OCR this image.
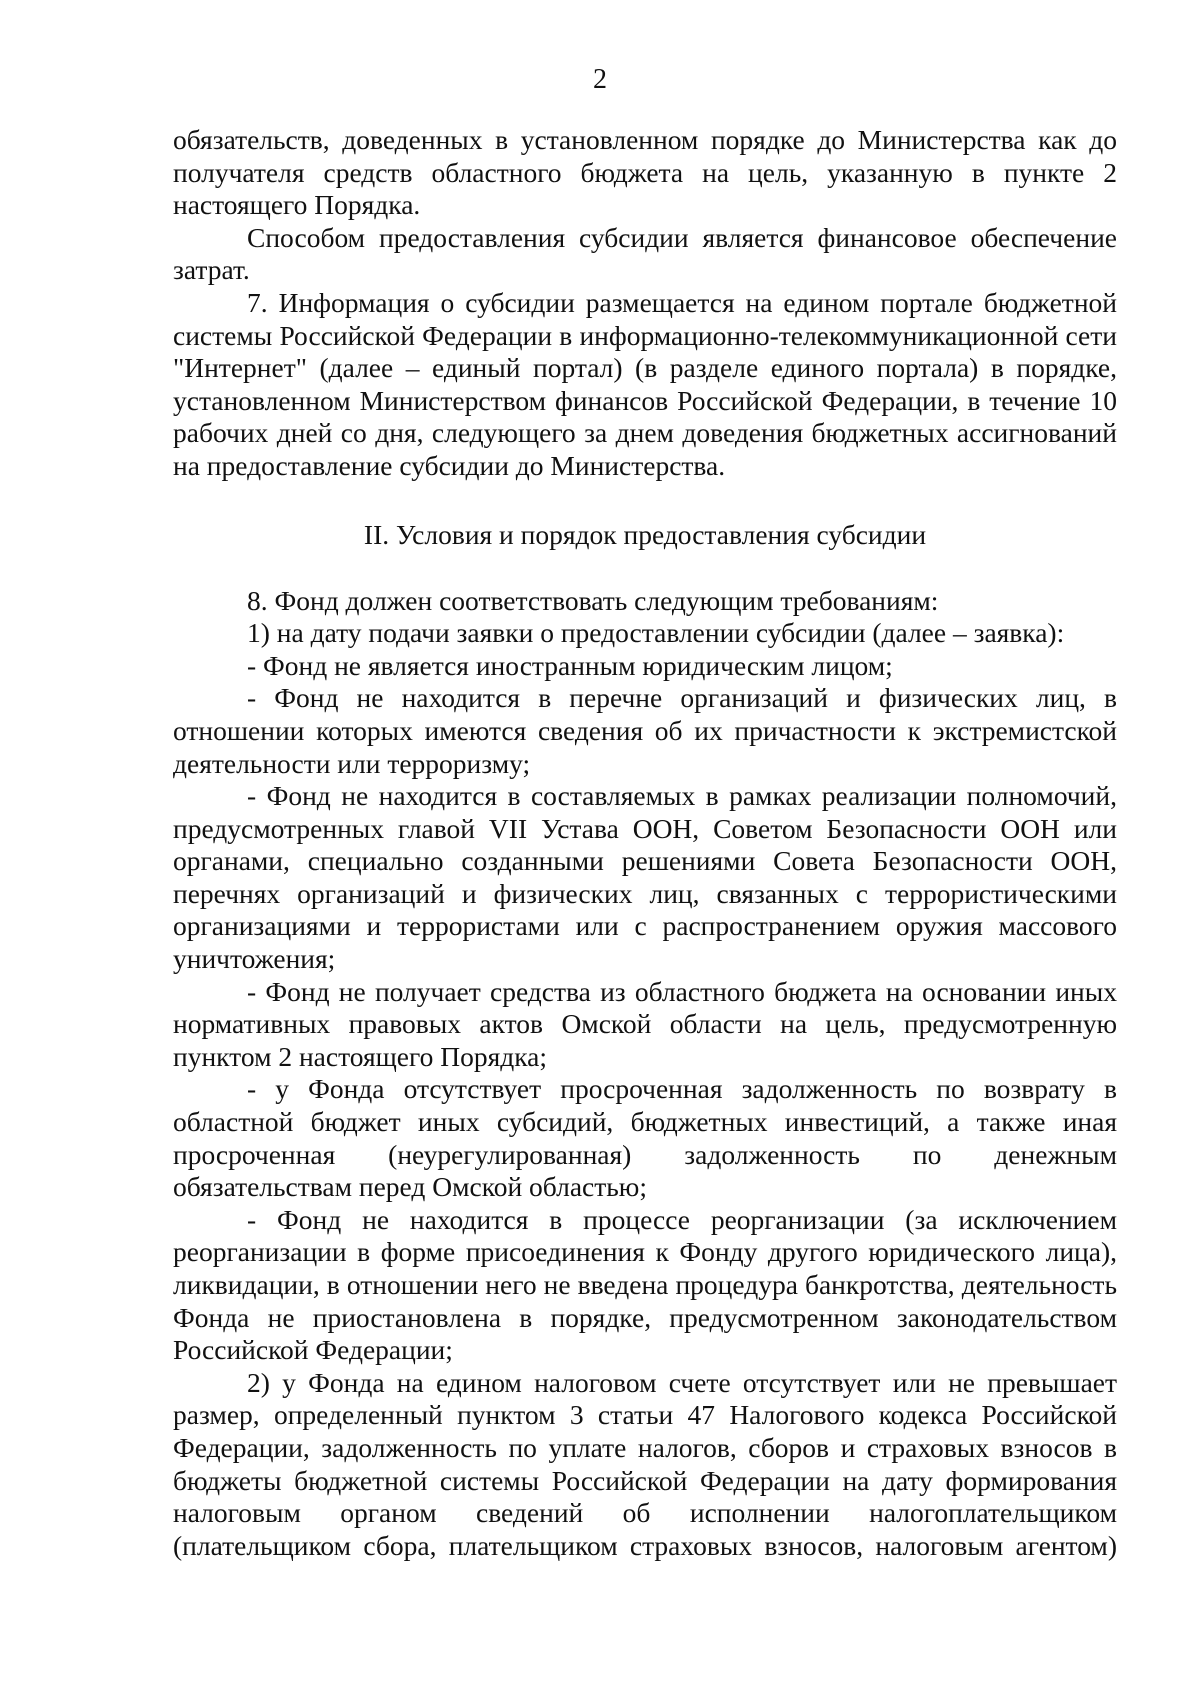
2

обязательств, доведенных в установленном порядке до Министерства как до получателя средств областного бюджета на цель, указанную в пункте 2 настоящего Порядка.

Способом предоставления субсидии является финансовое обеспечение затрат.

7. Информация о субсидии размещается на едином портале бюджетной системы Российской Федерации в информационно-телекоммуникационной сети "Интернет" (далее – единый портал) (в разделе единого портала) в порядке, установленном Министерством финансов Российской Федерации, в течение 10 рабочих дней со дня, следующего за днем доведения бюджетных ассигнований на предоставление субсидии до Министерства.

II. Условия и порядок предоставления субсидии

8. Фонд должен соответствовать следующим требованиям:

1) на дату подачи заявки о предоставлении субсидии (далее – заявка):

- Фонд не является иностранным юридическим лицом;

- Фонд не находится в перечне организаций и физических лиц, в отношении которых имеются сведения об их причастности к экстремистской деятельности или терроризму;

- Фонд не находится в составляемых в рамках реализации полномочий, предусмотренных главой VII Устава ООН, Советом Безопасности ООН или органами, специально созданными решениями Совета Безопасности ООН, перечнях организаций и физических лиц, связанных с террористическими организациями и террористами или с распространением оружия массового уничтожения;

- Фонд не получает средства из областного бюджета на основании иных нормативных правовых актов Омской области на цель, предусмотренную пунктом 2 настоящего Порядка;

- у Фонда отсутствует просроченная задолженность по возврату в областной бюджет иных субсидий, бюджетных инвестиций, а также иная просроченная (неурегулированная) задолженность по денежным обязательствам перед Омской областью;

- Фонд не находится в процессе реорганизации (за исключением реорганизации в форме присоединения к Фонду другого юридического лица), ликвидации, в отношении него не введена процедура банкротства, деятельность Фонда не приостановлена в порядке, предусмотренном законодательством Российской Федерации;

2) у Фонда на едином налоговом счете отсутствует или не превышает размер, определенный пунктом 3 статьи 47 Налогового кодекса Российской Федерации, задолженность по уплате налогов, сборов и страховых взносов в бюджеты бюджетной системы Российской Федерации на дату формирования налоговым органом сведений об исполнении налогоплательщиком (плательщиком сбора, плательщиком страховых взносов, налоговым агентом)
